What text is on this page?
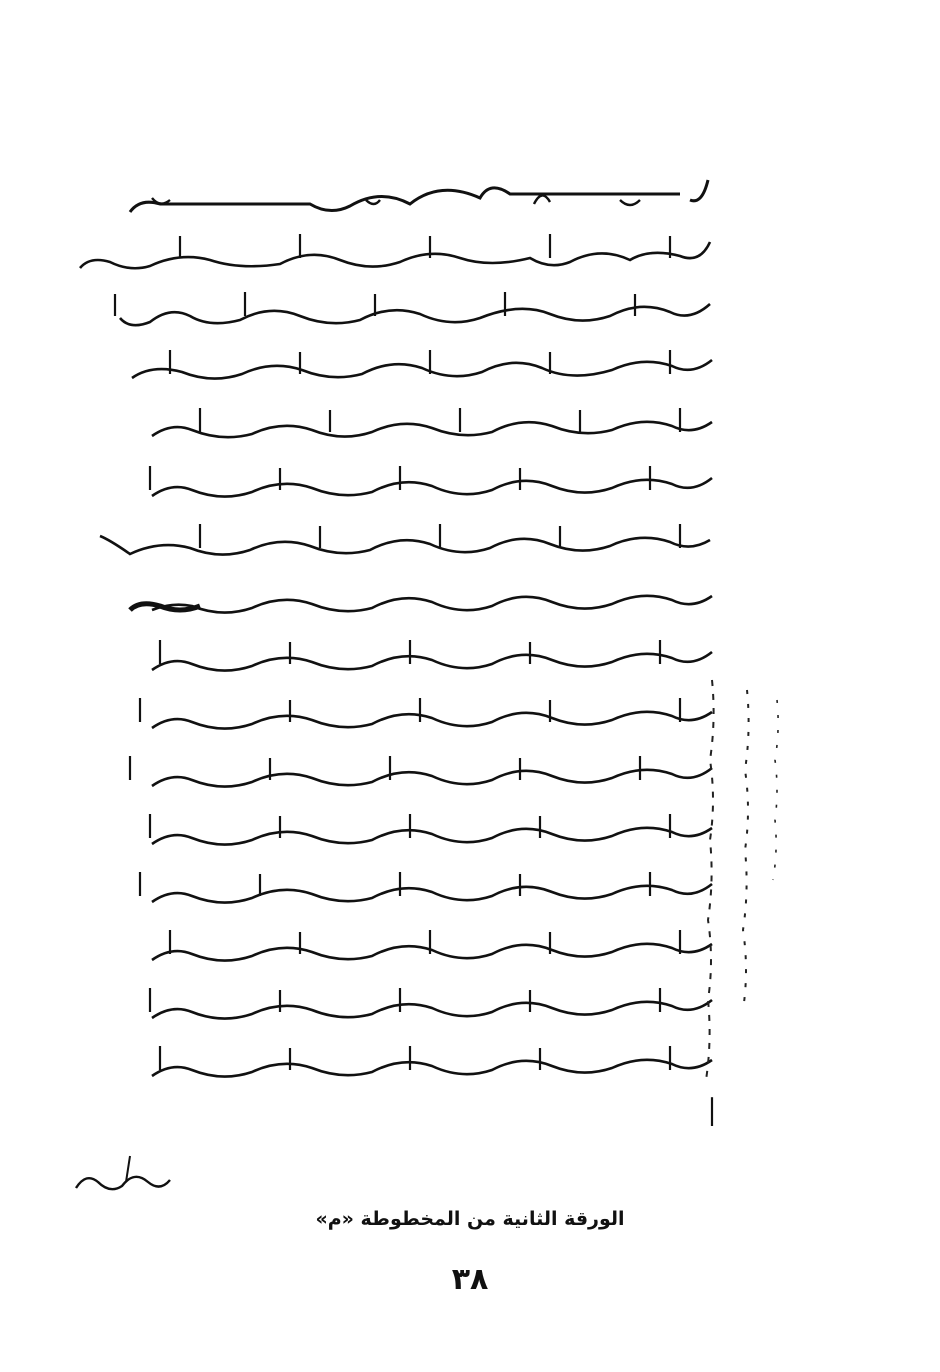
الورقة الثانية من المخطوطة «م»
٣٨
